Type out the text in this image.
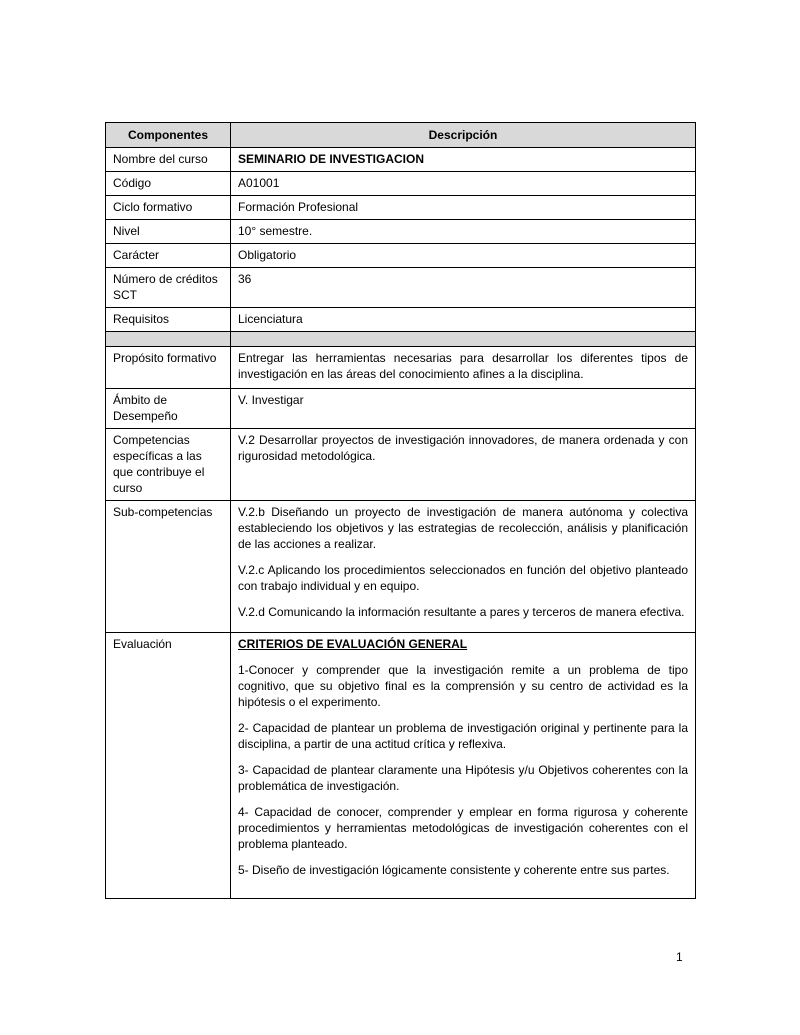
Componentes	Descripción
Nombre del curso	SEMINARIO DE INVESTIGACION
Código	A01001
Ciclo formativo	Formación Profesional
Nivel	10° semestre.
Carácter	Obligatorio
Número de créditos SCT	36
Requisitos	Licenciatura

Propósito formativo	Entregar las herramientas necesarias para desarrollar los diferentes tipos de investigación en las áreas del conocimiento afines a la disciplina.

Ámbito de Desempeño	V. Investigar
Competencias específicas a las que contribuye el curso	V.2 Desarrollar proyectos de investigación innovadores, de manera ordenada y con rigurosidad metodológica.

Sub-competencias	V.2.b Diseñando un proyecto de investigación de manera autónoma y colectiva estableciendo los objetivos y las estrategias de recolección, análisis y planificación de las acciones a realizar.

V.2.c Aplicando los procedimientos seleccionados en función del objetivo planteado con trabajo individual y en equipo.

V.2.d Comunicando la información resultante a pares y terceros de manera efectiva.

Evaluación	CRITERIOS DE EVALUACIÓN GENERAL

1-Conocer y comprender que la investigación remite a un problema de tipo cognitivo, que su objetivo final es la comprensión y su centro de actividad es la hipótesis o el experimento.

2- Capacidad de plantear un problema de investigación original y pertinente para la disciplina, a partir de una actitud crítica y reflexiva.

3- Capacidad de plantear claramente una Hipótesis y/u Objetivos coherentes con la problemática de investigación.

4- Capacidad de conocer, comprender y emplear en forma rigurosa y coherente procedimientos y herramientas metodológicas de investigación coherentes con el problema planteado.

5- Diseño de investigación lógicamente consistente y coherente entre sus partes.

1
